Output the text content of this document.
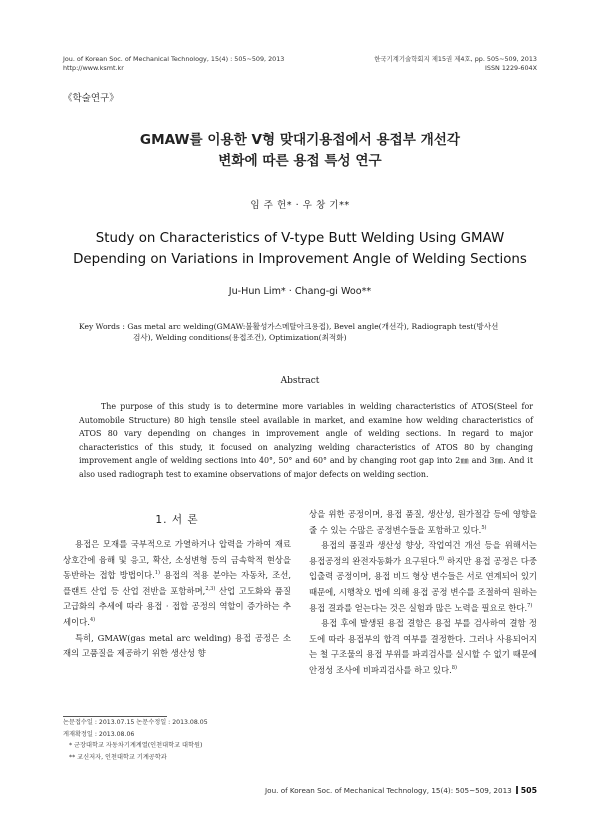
Jou. of Korean Soc. of Mechanical Technology, 15(4) : 505~509, 2013
http://www.ksmt.kr
한국기계기술학회지 제15권 제4호, pp. 505~509, 2013
ISSN 1229-604X
《학술연구》
GMAW를 이용한 V형 맞대기용접에서 용접부 개선각
변화에 따른 용접 특성 연구
임 주 헌* · 우 창 기**
Study on Characteristics of V-type Butt Welding Using GMAW
Depending on Variations in Improvement Angle of Welding Sections
Ju-Hun Lim* · Chang-gi Woo**
Key Words : Gas metal arc welding(GMAW:불활성가스메탈아크용접), Bevel angle(개선각), Radiograph test(방사선
검사), Welding conditions(용접조건), Optimization(최적화)
Abstract

The purpose of this study is to determine more variables in welding characteristics of ATOS(Steel for Automobile Structure) 80 high tensile steel available in market, and examine how welding characteristics of ATOS 80 vary depending on changes in improvement angle of welding sections. In regard to major characteristics of this study, it focused on analyzing welding characteristics of ATOS 80 by changing improvement angle of welding sections into 40°, 50° and 60° and by changing root gap into 2㎜ and 3㎜. And it also used radiograph test to examine observations of major defects on welding section.

1. 서 론

용접은 모재를 국부적으로 가열하거나 압력을 가하여 재료 상호간에 융해 및 응고, 확산, 소성변형 등의 금속학적 현상을 동반하는 접합 방법이다.$^{1)}$ 용접의 적용 분야는 자동차, 조선, 플랜트 산업 등 산업 전반을 포함하며,$^{2,3)}$ 산업 고도화와 품질 고급화의 추세에 따라 용접 · 접합 공정의 역할이 증가하는 추세이다.$^{4)}$

특히, GMAW(gas metal arc welding) 용접 공정은 소재의 고품질을 제공하기 위한 생산성 향

상을 위한 공정이며, 용접 품질, 생산성, 원가절감 등에 영향을 줄 수 있는 수많은 공정변수들을 포함하고 있다.$^{5)}$

용접의 품질과 생산성 향상, 작업여건 개선 등을 위해서는 용접공정의 완전자동화가 요구된다.$^{6)}$ 하지만 용접 공정은 다중 입출력 공정이며, 용접 비드 형상 변수들은 서로 연계되어 있기 때문에, 시행착오 법에 의해 용접 공정 변수를 조절하여 원하는 용접 결과를 얻는다는 것은 실험과 많은 노력을 필요로 한다.$^{7)}$

용접 후에 발생된 용접 결함은 용접 부를 검사하여 결함 정도에 따라 용접부의 합격 여부를 결정한다. 그러나 사용되어지는 철 구조물의 용접 부위를 파괴검사를 실시할 수 없기 때문에 안정성 조사에 비파괴검사를 하고 있다.$^{8)}$

논문접수일 : 2013.07.15 논문수정일 : 2013.08.05
게재확정일 : 2013.08.06
* 군장대학교 자동차기계계열(인천대학교 대학원)
** 교신저자, 인천대학교 기계공학과
Jou. of Korean Soc. of Mechanical Technology, 15(4): 505~509, 2013 505
